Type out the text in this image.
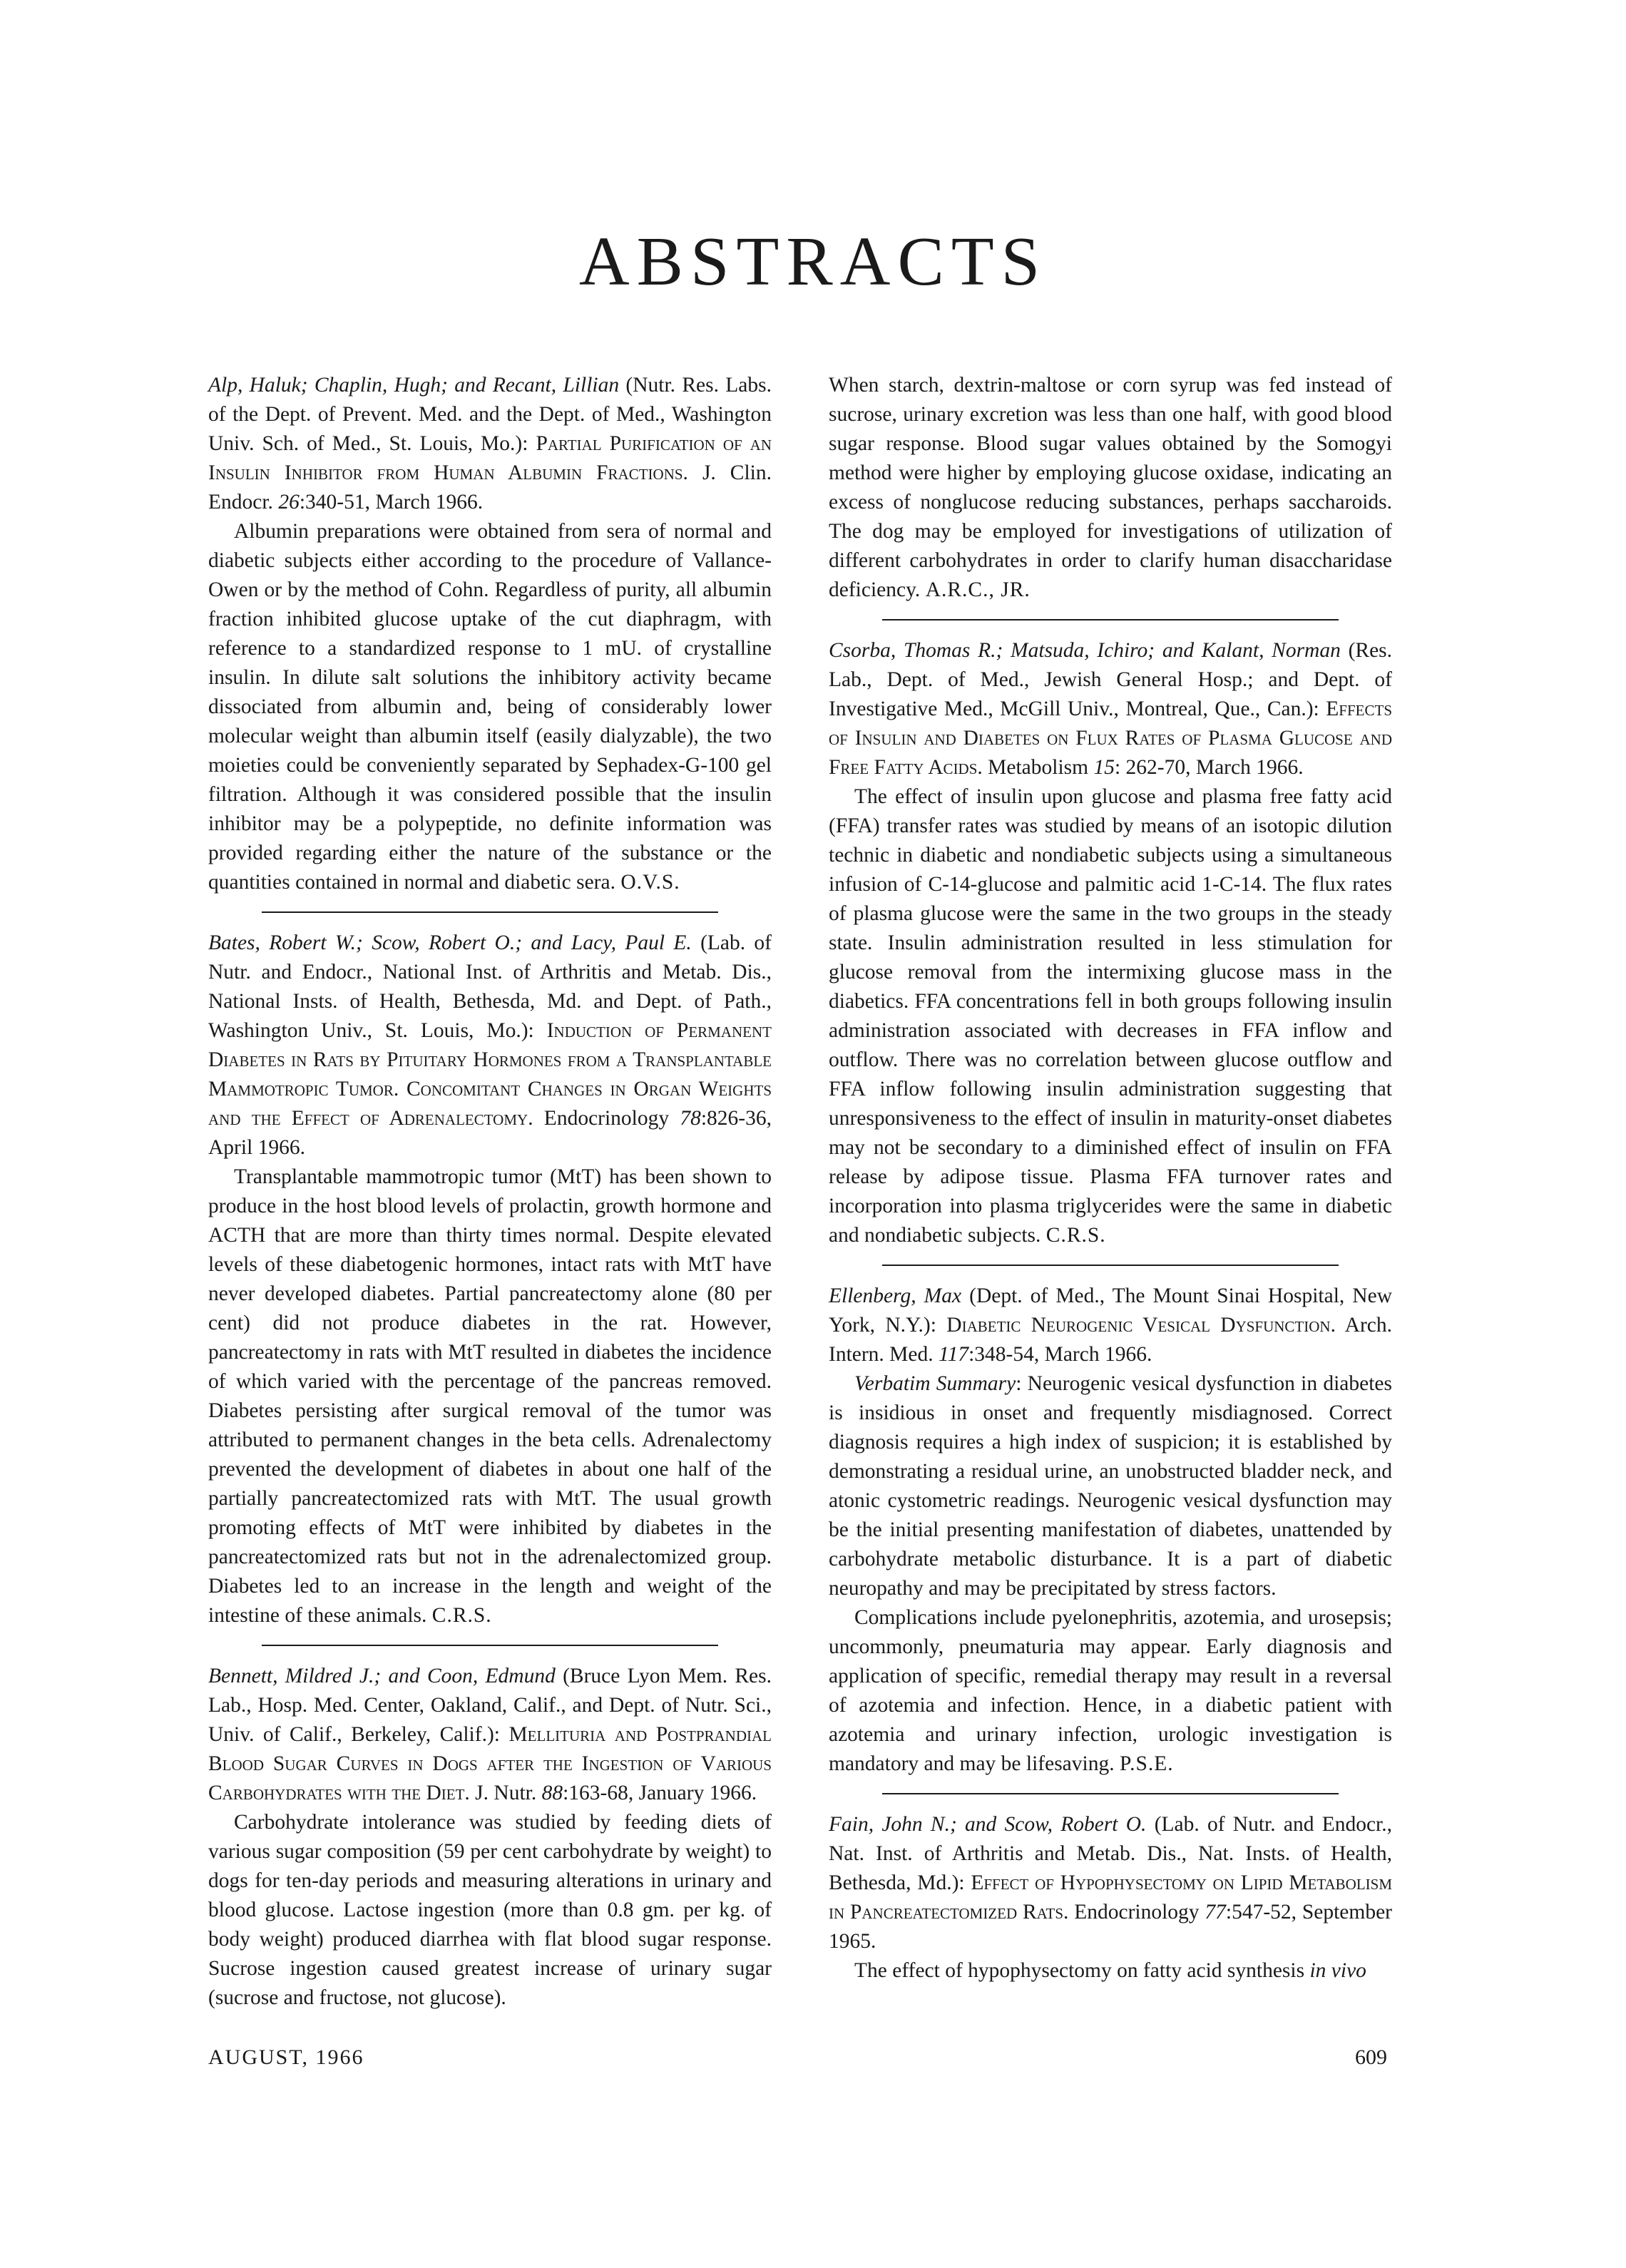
ABSTRACTS

Alp, Haluk; Chaplin, Hugh; and Recant, Lillian (Nutr. Res. Labs. of the Dept. of Prevent. Med. and the Dept. of Med., Washington Univ. Sch. of Med., St. Louis, Mo.): Partial Purification of an Insulin Inhibitor from Human Albumin Fractions. J. Clin. Endocr. 26:340-51, March 1966.

Albumin preparations were obtained from sera of normal and diabetic subjects either according to the procedure of Vallance-Owen or by the method of Cohn. Regardless of purity, all albumin fraction inhibited glucose uptake of the cut diaphragm, with reference to a standardized response to 1 mU. of crystalline insulin. In dilute salt solutions the inhibitory activity became dissociated from albumin and, being of considerably lower molecular weight than albumin itself (easily dialyzable), the two moieties could be conveniently separated by Sephadex-G-100 gel filtration. Although it was considered possible that the insulin inhibitor may be a polypeptide, no definite information was provided regarding either the nature of the substance or the quantities contained in normal and diabetic sera. O.V.S.

Bates, Robert W.; Scow, Robert O.; and Lacy, Paul E. (Lab. of Nutr. and Endocr., National Inst. of Arthritis and Metab. Dis., National Insts. of Health, Bethesda, Md. and Dept. of Path., Washington Univ., St. Louis, Mo.): Induction of Permanent Diabetes in Rats by Pituitary Hormones from a Transplantable Mammotropic Tumor. Concomitant Changes in Organ Weights and the Effect of Adrenalectomy. Endocrinology 78:826-36, April 1966.

Transplantable mammotropic tumor (MtT) has been shown to produce in the host blood levels of prolactin, growth hormone and ACTH that are more than thirty times normal. Despite elevated levels of these diabetogenic hormones, intact rats with MtT have never developed diabetes. Partial pancreatectomy alone (80 per cent) did not produce diabetes in the rat. However, pancreatectomy in rats with MtT resulted in diabetes the incidence of which varied with the percentage of the pancreas removed. Diabetes persisting after surgical removal of the tumor was attributed to permanent changes in the beta cells. Adrenalectomy prevented the development of diabetes in about one half of the partially pancreatectomized rats with MtT. The usual growth promoting effects of MtT were inhibited by diabetes in the pancreatectomized rats but not in the adrenalectomized group. Diabetes led to an increase in the length and weight of the intestine of these animals. C.R.S.

Bennett, Mildred J.; and Coon, Edmund (Bruce Lyon Mem. Res. Lab., Hosp. Med. Center, Oakland, Calif., and Dept. of Nutr. Sci., Univ. of Calif., Berkeley, Calif.): Mellituria and Postprandial Blood Sugar Curves in Dogs after the Ingestion of Various Carbohydrates with the Diet. J. Nutr. 88:163-68, January 1966.

Carbohydrate intolerance was studied by feeding diets of various sugar composition (59 per cent carbohydrate by weight) to dogs for ten-day periods and measuring alterations in urinary and blood glucose. Lactose ingestion (more than 0.8 gm. per kg. of body weight) produced diarrhea with flat blood sugar response. Sucrose ingestion caused greatest increase of urinary sugar (sucrose and fructose, not glucose).

When starch, dextrin-maltose or corn syrup was fed instead of sucrose, urinary excretion was less than one half, with good blood sugar response. Blood sugar values obtained by the Somogyi method were higher by employing glucose oxidase, indicating an excess of nonglucose reducing substances, perhaps saccharoids. The dog may be employed for investigations of utilization of different carbohydrates in order to clarify human disaccharidase deficiency. A.R.C., JR.

Csorba, Thomas R.; Matsuda, Ichiro; and Kalant, Norman (Res. Lab., Dept. of Med., Jewish General Hosp.; and Dept. of Investigative Med., McGill Univ., Montreal, Que., Can.): Effects of Insulin and Diabetes on Flux Rates of Plasma Glucose and Free Fatty Acids. Metabolism 15: 262-70, March 1966.

The effect of insulin upon glucose and plasma free fatty acid (FFA) transfer rates was studied by means of an isotopic dilution technic in diabetic and nondiabetic subjects using a simultaneous infusion of C-14-glucose and palmitic acid 1-C-14. The flux rates of plasma glucose were the same in the two groups in the steady state. Insulin administration resulted in less stimulation for glucose removal from the intermixing glucose mass in the diabetics. FFA concentrations fell in both groups following insulin administration associated with decreases in FFA inflow and outflow. There was no correlation between glucose outflow and FFA inflow following insulin administration suggesting that unresponsiveness to the effect of insulin in maturity-onset diabetes may not be secondary to a diminished effect of insulin on FFA release by adipose tissue. Plasma FFA turnover rates and incorporation into plasma triglycerides were the same in diabetic and nondiabetic subjects. C.R.S.

Ellenberg, Max (Dept. of Med., The Mount Sinai Hospital, New York, N.Y.): Diabetic Neurogenic Vesical Dysfunction. Arch. Intern. Med. 117:348-54, March 1966.

Verbatim Summary: Neurogenic vesical dysfunction in diabetes is insidious in onset and frequently misdiagnosed. Correct diagnosis requires a high index of suspicion; it is established by demonstrating a residual urine, an unobstructed bladder neck, and atonic cystometric readings. Neurogenic vesical dysfunction may be the initial presenting manifestation of diabetes, unattended by carbohydrate metabolic disturbance. It is a part of diabetic neuropathy and may be precipitated by stress factors.

Complications include pyelonephritis, azotemia, and urosepsis; uncommonly, pneumaturia may appear. Early diagnosis and application of specific, remedial therapy may result in a reversal of azotemia and infection. Hence, in a diabetic patient with azotemia and urinary infection, urologic investigation is mandatory and may be lifesaving. P.S.E.

Fain, John N.; and Scow, Robert O. (Lab. of Nutr. and Endocr., Nat. Inst. of Arthritis and Metab. Dis., Nat. Insts. of Health, Bethesda, Md.): Effect of Hypophysectomy on Lipid Metabolism in Pancreatectomized Rats. Endocrinology 77:547-52, September 1965.

The effect of hypophysectomy on fatty acid synthesis in vivo

AUGUST, 1966	609
